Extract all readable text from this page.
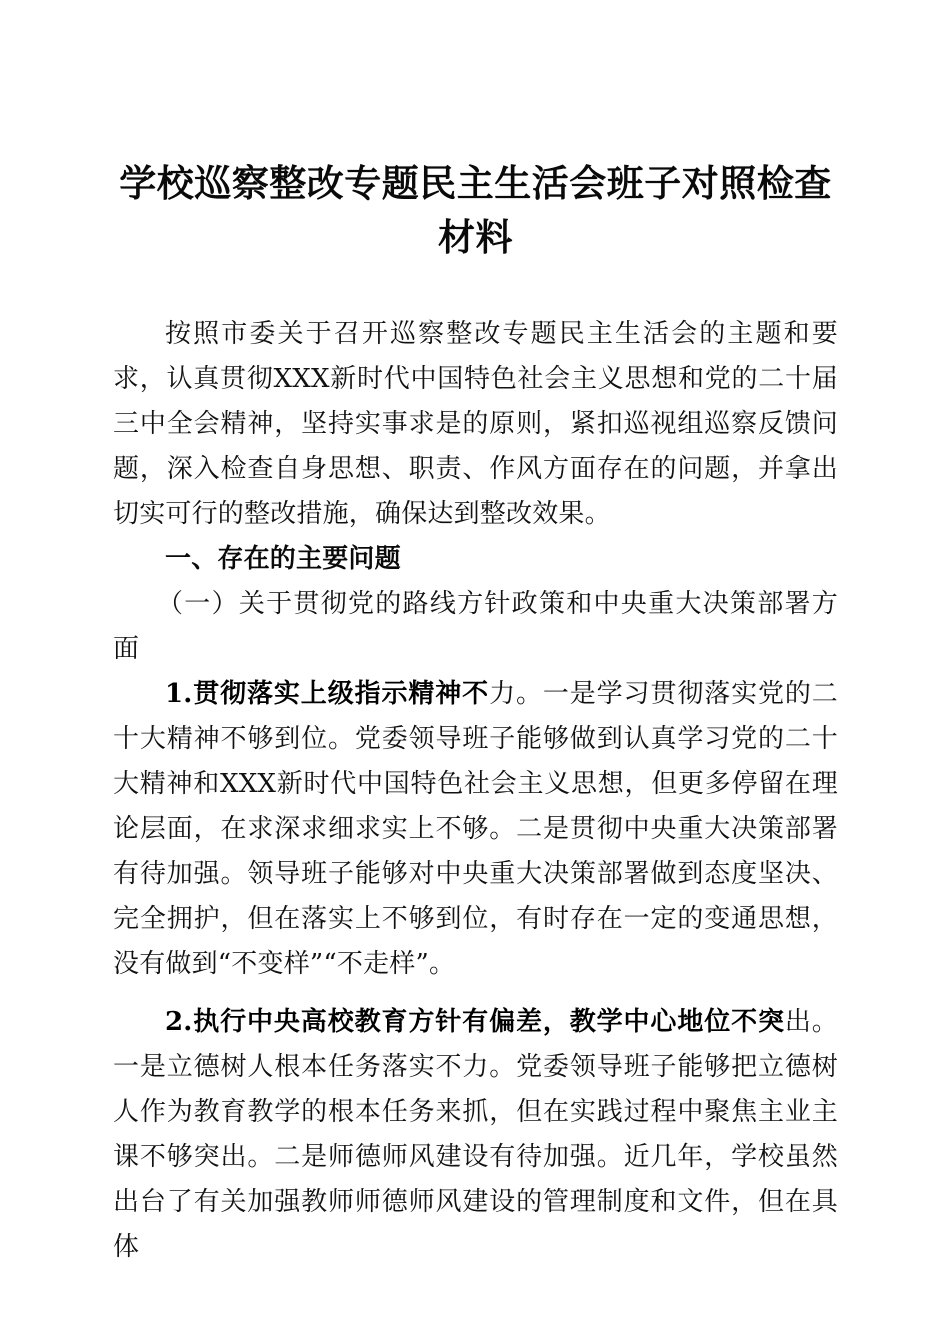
学校巡察整改专题民主生活会班子对照检查材料

按照市委关于召开巡察整改专题民主生活会的主题和要求，认真贯彻XXX新时代中国特色社会主义思想和党的二十届三中全会精神，坚持实事求是的原则，紧扣巡视组巡察反馈问题，深入检查自身思想、职责、作风方面存在的问题，并拿出切实可行的整改措施，确保达到整改效果。

一、存在的主要问题

（一）关于贯彻党的路线方针政策和中央重大决策部署方面

1.贯彻落实上级指示精神不力。一是学习贯彻落实党的二十大精神不够到位。党委领导班子能够做到认真学习党的二十大精神和XXX新时代中国特色社会主义思想，但更多停留在理论层面，在求深求细求实上不够。二是贯彻中央重大决策部署有待加强。领导班子能够对中央重大决策部署做到态度坚决、完全拥护，但在落实上不够到位，有时存在一定的变通思想，没有做到“不变样”“不走样”。

2.执行中央高校教育方针有偏差，教学中心地位不突出。一是立德树人根本任务落实不力。党委领导班子能够把立德树人作为教育教学的根本任务来抓，但在实践过程中聚焦主业主课不够突出。二是师德师风建设有待加强。近几年，学校虽然出台了有关加强教师师德师风建设的管理制度和文件，但在具体
